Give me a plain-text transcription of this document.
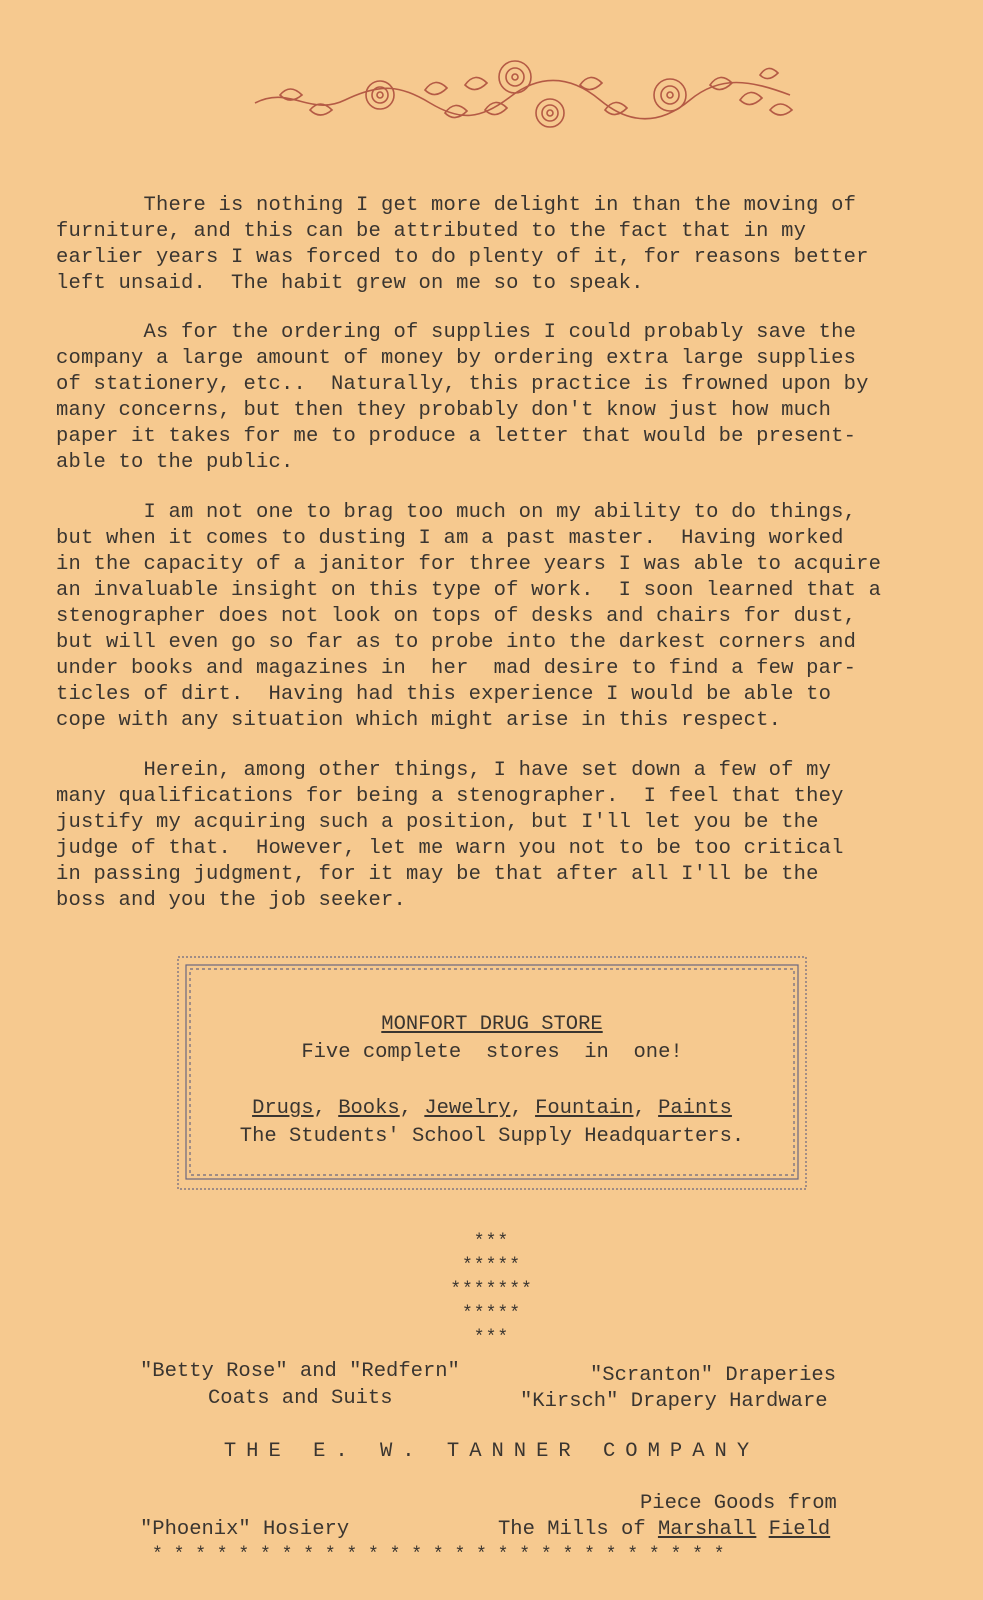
There is nothing I get more delight in than the moving of
furniture, and this can be attributed to the fact that in my
earlier years I was forced to do plenty of it, for reasons better
left unsaid.  The habit grew on me so to speak.

As for the ordering of supplies I could probably save the
company a large amount of money by ordering extra large supplies
of stationery, etc..  Naturally, this practice is frowned upon by
many concerns, but then they probably don't know just how much
paper it takes for me to produce a letter that would be present-
able to the public.

I am not one to brag too much on my ability to do things,
but when it comes to dusting I am a past master.  Having worked
in the capacity of a janitor for three years I was able to acquire
an invaluable insight on this type of work.  I soon learned that a
stenographer does not look on tops of desks and chairs for dust,
but will even go so far as to probe into the darkest corners and
under books and magazines in  her  mad desire to find a few par-
ticles of dirt.  Having had this experience I would be able to
cope with any situation which might arise in this respect.

Herein, among other things, I have set down a few of my
many qualifications for being a stenographer.  I feel that they
justify my acquiring such a position, but I'll let you be the
judge of that.  However, let me warn you not to be too critical
in passing judgment, for it may be that after all I'll be the
boss and you the job seeker.

MONFORT DRUG STORE
Five complete  stores  in  one!
Drugs, Books, Jewelry, Fountain, Paints
The Students' School Supply Headquarters.
***
*****
*******
*****
***
"Betty Rose" and "Redfern"
Coats and Suits
"Scranton" Draperies
"Kirsch" Drapery Hardware
THE E. W. TANNER COMPANY
Piece Goods from
"Phoenix" Hosiery	The Mills of Marshall Field
* * * * * * * * * * * * * * * * * * * * * * * * * * *
